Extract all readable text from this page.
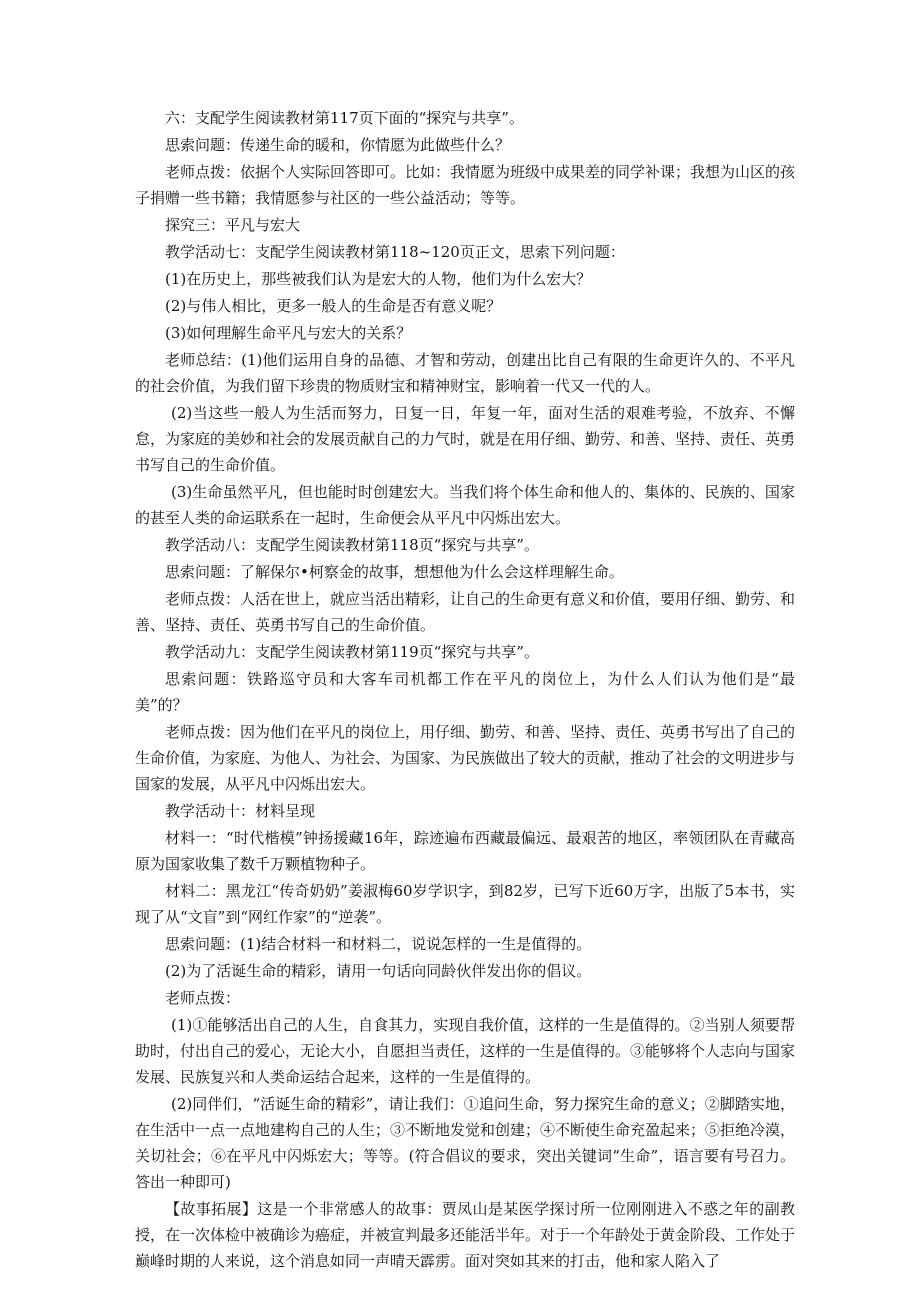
六：支配学生阅读教材第117页下面的“探究与共享”。

思索问题：传递生命的暖和，你情愿为此做些什么？

老师点拨：依据个人实际回答即可。比如：我情愿为班级中成果差的同学补课；我想为山区的孩子捐赠一些书籍；我情愿参与社区的一些公益活动；等等。

探究三：平凡与宏大

教学活动七：支配学生阅读教材第118~120页正文，思索下列问题：

(1)在历史上，那些被我们认为是宏大的人物，他们为什么宏大？

(2)与伟人相比，更多一般人的生命是否有意义呢？

(3)如何理解生命平凡与宏大的关系？

老师总结：(1)他们运用自身的品德、才智和劳动，创建出比自己有限的生命更许久的、不平凡的社会价值，为我们留下珍贵的物质财宝和精神财宝，影响着一代又一代的人。

(2)当这些一般人为生活而努力，日复一日，年复一年，面对生活的艰难考验，不放弃、不懈怠，为家庭的美妙和社会的发展贡献自己的力气时，就是在用仔细、勤劳、和善、坚持、责任、英勇书写自己的生命价值。

(3)生命虽然平凡，但也能时时创建宏大。当我们将个体生命和他人的、集体的、民族的、国家的甚至人类的命运联系在一起时，生命便会从平凡中闪烁出宏大。

教学活动八：支配学生阅读教材第118页“探究与共享”。

思索问题：了解保尔•柯察金的故事，想想他为什么会这样理解生命。

老师点拨：人活在世上，就应当活出精彩，让自己的生命更有意义和价值，要用仔细、勤劳、和善、坚持、责任、英勇书写自己的生命价值。

教学活动九：支配学生阅读教材第119页“探究与共享”。

思索问题：铁路巡守员和大客车司机都工作在平凡的岗位上，为什么人们认为他们是“最美”的？

老师点拨：因为他们在平凡的岗位上，用仔细、勤劳、和善、坚持、责任、英勇书写出了自己的生命价值，为家庭、为他人、为社会、为国家、为民族做出了较大的贡献，推动了社会的文明进步与国家的发展，从平凡中闪烁出宏大。

教学活动十：材料呈现

材料一：“时代楷模”钟扬援藏16年，踪迹遍布西藏最偏远、最艰苦的地区，率领团队在青藏高原为国家收集了数千万颗植物种子。

材料二：黑龙江“传奇奶奶”姜淑梅60岁学识字，到82岁，已写下近60万字，出版了5本书，实现了从“文盲”到“网红作家”的“逆袭”。

思索问题：(1)结合材料一和材料二，说说怎样的一生是值得的。

(2)为了活诞生命的精彩，请用一句话向同龄伙伴发出你的倡议。

老师点拨：

(1)①能够活出自己的人生，自食其力，实现自我价值，这样的一生是值得的。②当别人须要帮助时，付出自己的爱心，无论大小，自愿担当责任，这样的一生是值得的。③能够将个人志向与国家发展、民族复兴和人类命运结合起来，这样的一生是值得的。

(2)同伴们，“活诞生命的精彩”，请让我们：①追问生命，努力探究生命的意义；②脚踏实地，在生活中一点一点地建构自己的人生；③不断地发觉和创建；④不断使生命充盈起来；⑤拒绝冷漠，关切社会；⑥在平凡中闪烁宏大；等等。(符合倡议的要求，突出关键词“生命”，语言要有号召力。答出一种即可)

【故事拓展】这是一个非常感人的故事：贾凤山是某医学探讨所一位刚刚进入不惑之年的副教授，在一次体检中被确诊为癌症，并被宣判最多还能活半年。对于一个年龄处于黄金阶段、工作处于巅峰时期的人来说，这个消息如同一声晴天霹雳。面对突如其来的打击，他和家人陷入了
